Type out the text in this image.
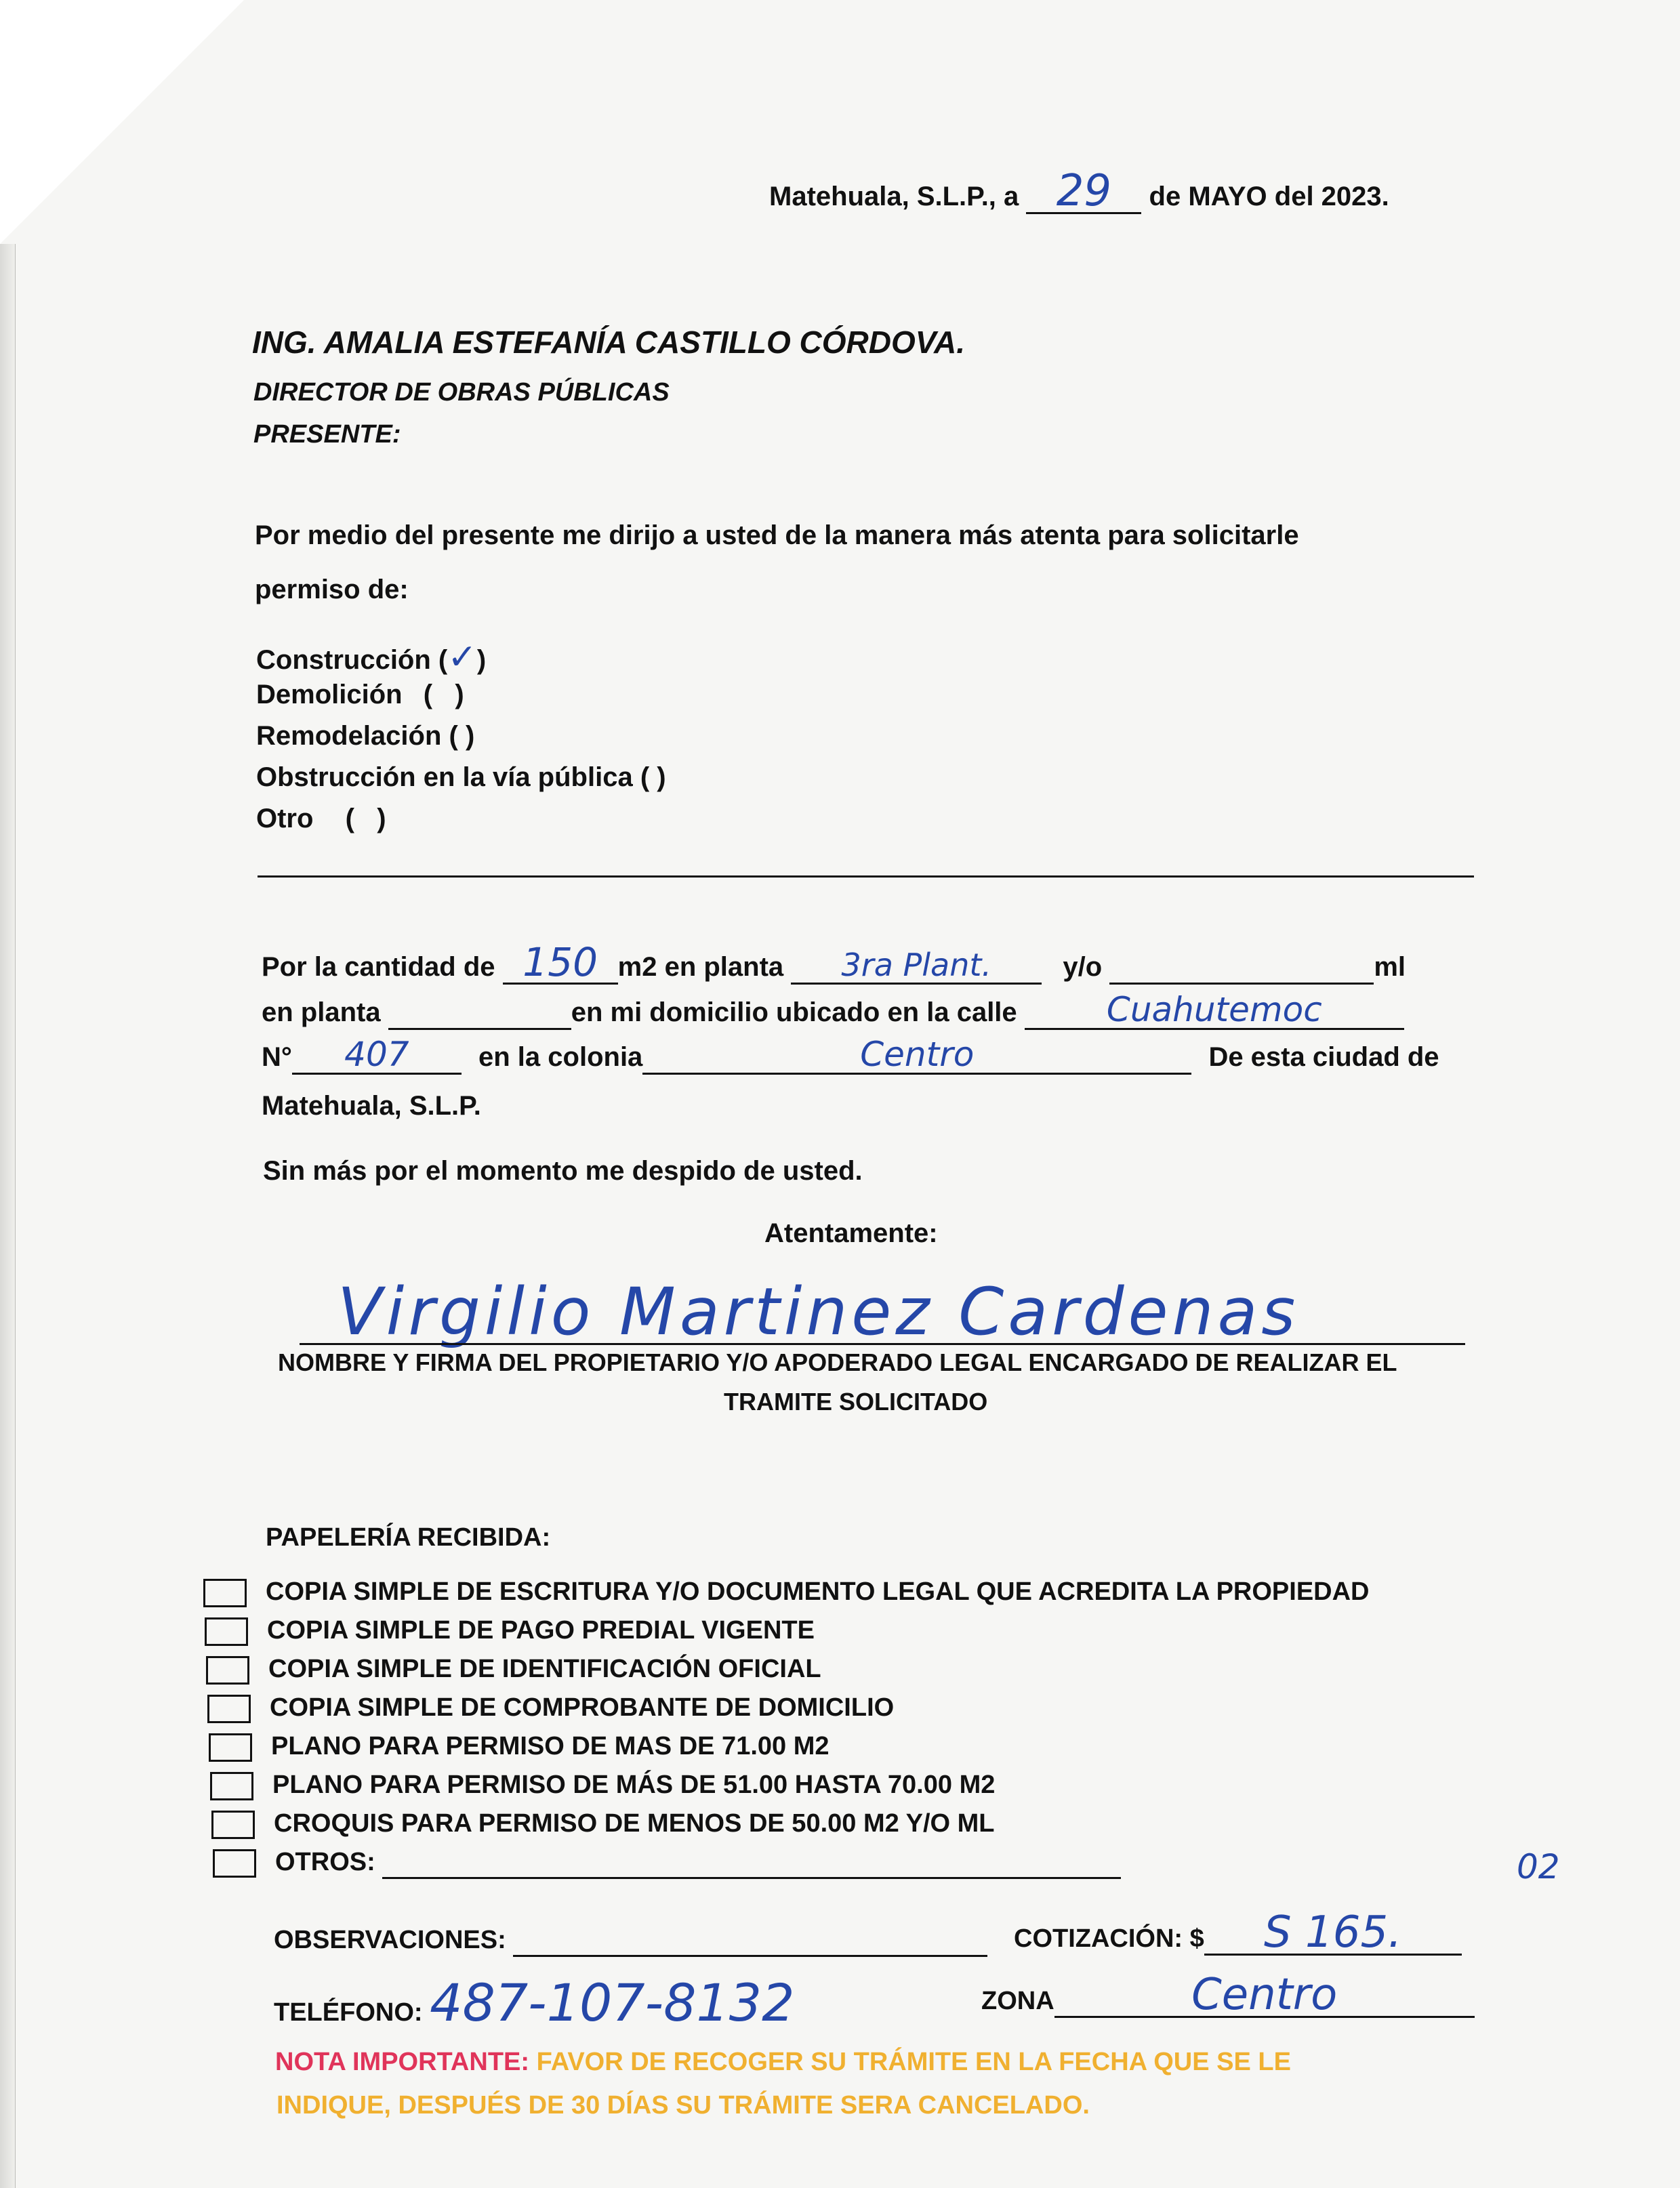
Matehuala, S.L.P., a 29 de MAYO del 2023.
ING. AMALIA ESTEFANÍA CASTILLO CÓRDOVA.
DIRECTOR DE OBRAS PÚBLICAS
PRESENTE:
Por medio del presente me dirijo a usted de la manera más atenta para solicitarle
permiso de:
Construcción (✓)
Demolición (   )
Remodelación ( )
Obstrucción en la vía pública ( )
Otro (   )
Por la cantidad de 150 m2 en planta 3ra Plant.	y/o	ml
en planta	en mi domicilio ubicado en la calle	Cuahutemoc
N° 407	en la colonia	Centro	De esta ciudad de
Matehuala, S.L.P.
Sin más por el momento me despido de usted.
Atentamente:
Virgilio Martinez Cardenas
NOMBRE Y FIRMA DEL PROPIETARIO Y/O APODERADO LEGAL ENCARGADO DE REALIZAR EL
TRAMITE SOLICITADO
PAPELERÍA RECIBIDA:
COPIA SIMPLE DE ESCRITURA Y/O DOCUMENTO LEGAL QUE ACREDITA LA PROPIEDAD
COPIA SIMPLE DE PAGO PREDIAL VIGENTE
COPIA SIMPLE DE IDENTIFICACIÓN OFICIAL
COPIA SIMPLE DE COMPROBANTE DE DOMICILIO
PLANO PARA PERMISO DE MAS DE 71.00 M2
PLANO PARA PERMISO DE MÁS DE 51.00 HASTA 70.00 M2
CROQUIS PARA PERMISO DE MENOS DE 50.00 M2 Y/O ML
OTROS:
OBSERVACIONES:	COTIZACIÓN: $ S 165.
02
TELÉFONO: 487-107-8132	ZONA	Centro
NOTA IMPORTANTE: FAVOR DE RECOGER SU TRÁMITE EN LA FECHA QUE SE LE
INDIQUE, DESPUÉS DE 30 DÍAS SU TRÁMITE SERA CANCELADO.
